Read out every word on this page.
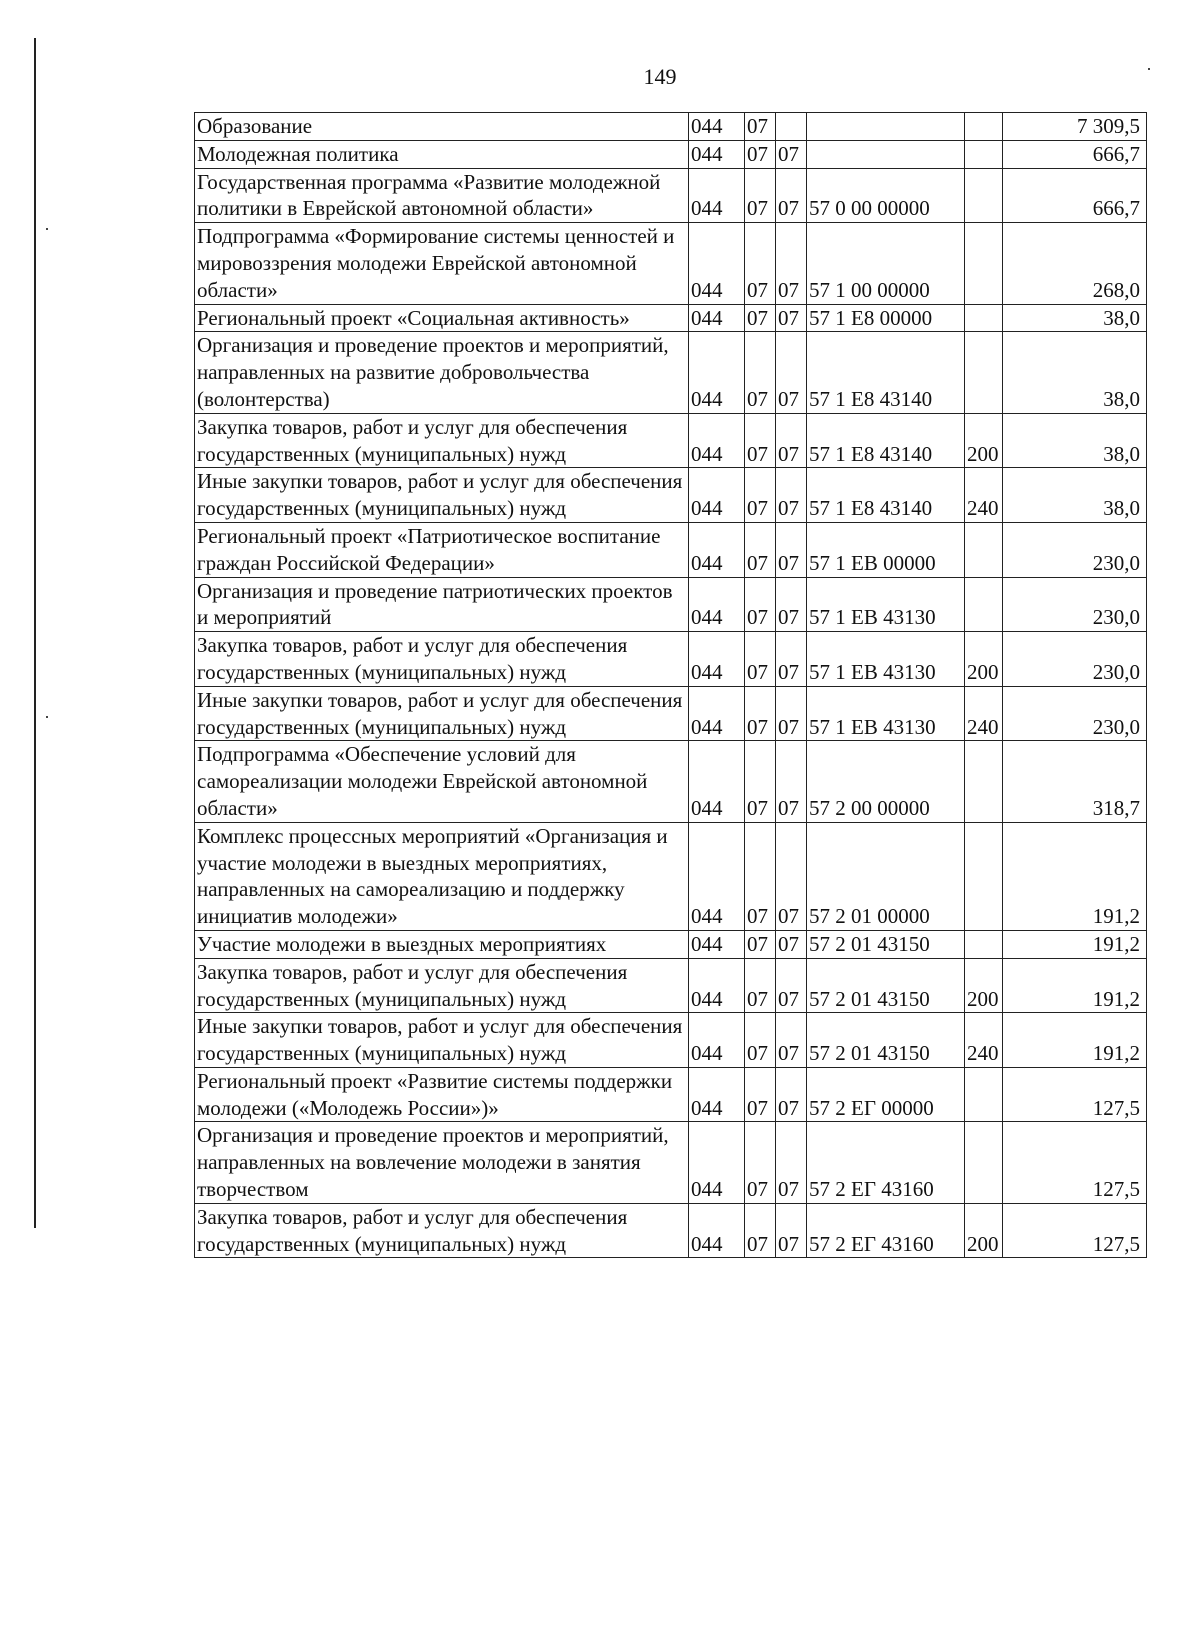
149
Образование	044	07				7 309,5
Молодежная политика	044	07	07			666,7
Государственная программа «Развитие молодежной политики в Еврейской автономной области»	044	07	07	57 0 00 00000		666,7
Подпрограмма «Формирование системы ценностей и мировоззрения молодежи Еврейской автономной области»	044	07	07	57 1 00 00000		268,0
Региональный проект «Социальная активность»	044	07	07	57 1 Е8 00000		38,0
Организация и проведение проектов и мероприятий, направленных на развитие добровольчества (волонтерства)	044	07	07	57 1 Е8 43140		38,0
Закупка товаров, работ и услуг для обеспечения государственных (муниципальных) нужд	044	07	07	57 1 Е8 43140	200	38,0
Иные закупки товаров, работ и услуг для обеспечения государственных (муниципальных) нужд	044	07	07	57 1 Е8 43140	240	38,0
Региональный проект «Патриотическое воспитание граждан Российской Федерации»	044	07	07	57 1 ЕВ 00000		230,0
Организация и проведение патриотических проектов и мероприятий	044	07	07	57 1 ЕВ 43130		230,0
Закупка товаров, работ и услуг для обеспечения государственных (муниципальных) нужд	044	07	07	57 1 ЕВ 43130	200	230,0
Иные закупки товаров, работ и услуг для обеспечения государственных (муниципальных) нужд	044	07	07	57 1 ЕВ 43130	240	230,0
Подпрограмма «Обеспечение условий для самореализации молодежи Еврейской автономной области»	044	07	07	57 2 00 00000		318,7
Комплекс процессных мероприятий «Организация и участие молодежи в выездных мероприятиях, направленных на самореализацию и поддержку инициатив молодежи»	044	07	07	57 2 01 00000		191,2
Участие молодежи в выездных мероприятиях	044	07	07	57 2 01 43150		191,2
Закупка товаров, работ и услуг для обеспечения государственных (муниципальных) нужд	044	07	07	57 2 01 43150	200	191,2
Иные закупки товаров, работ и услуг для обеспечения государственных (муниципальных) нужд	044	07	07	57 2 01 43150	240	191,2
Региональный проект «Развитие системы поддержки молодежи («Молодежь России»)»	044	07	07	57 2 ЕГ 00000		127,5
Организация и проведение проектов и мероприятий, направленных на вовлечение молодежи в занятия творчеством	044	07	07	57 2 ЕГ 43160		127,5
Закупка товаров, работ и услуг для обеспечения государственных (муниципальных) нужд	044	07	07	57 2 ЕГ 43160	200	127,5
